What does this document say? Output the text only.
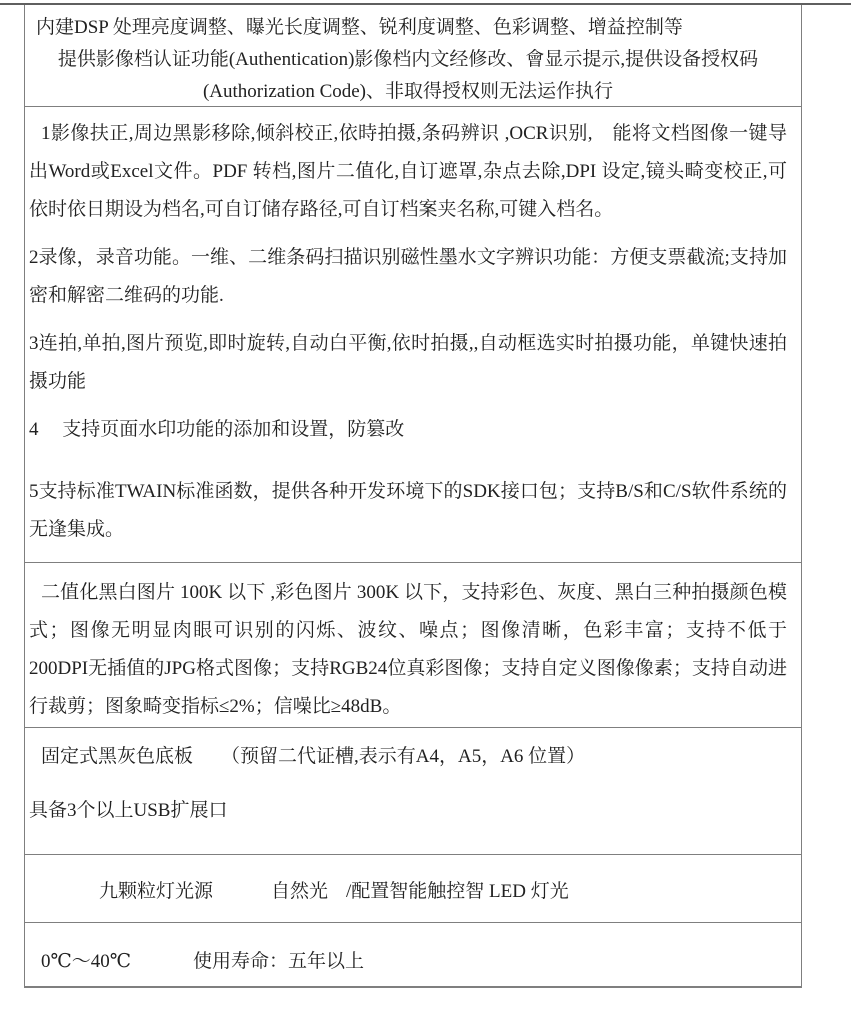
内建DSP 处理亮度调整、曝光长度调整、锐利度调整、色彩调整、增益控制等

提供影像档认证功能(Authentication)影像档内文经修改、會显示提示,提供设备授权码

(Authorization Code)、非取得授权则无法运作执行

1影像扶正,周边黑影移除,倾斜校正,依時拍摄,条码辨识 ,OCR识别,　能将文档图像一键导出Word或Excel文件。PDF 转档,图片二值化,自订遮罩,杂点去除,DPI 设定,镜头畸变校正,可依时依日期设为档名,可自订储存路径,可自订档案夹名称,可键入档名。

2录像，录音功能。一维、二维条码扫描识别磁性墨水文字辨识功能：方便支票截流;支持加密和解密二维码的功能.

3连拍,单拍,图片预览,即时旋转,自动白平衡,依时拍摄,,自动框选实时拍摄功能，单键快速拍摄功能

4　 支持页面水印功能的添加和设置，防篡改

5支持标准TWAIN标准函数，提供各种开发环境下的SDK接口包；支持B/S和C/S软件系统的无逢集成。

二值化黑白图片 100K 以下 ,彩色图片 300K 以下，支持彩色、灰度、黑白三种拍摄颜色模式；图像无明显肉眼可识别的闪烁、波纹、噪点；图像清晰，色彩丰富；支持不低于200DPI无插值的JPG格式图像；支持RGB24位真彩图像；支持自定义图像像素；支持自动进行裁剪；图象畸变指标≤2%；信噪比≥48dB。

固定式黑灰色底板 （预留二代证槽,表示有A4，A5，A6 位置）

具备3个以上USB扩展口

九颗粒灯光源	自然光 /配置智能触控智 LED 灯光

0℃～40℃	使用寿命：五年以上
